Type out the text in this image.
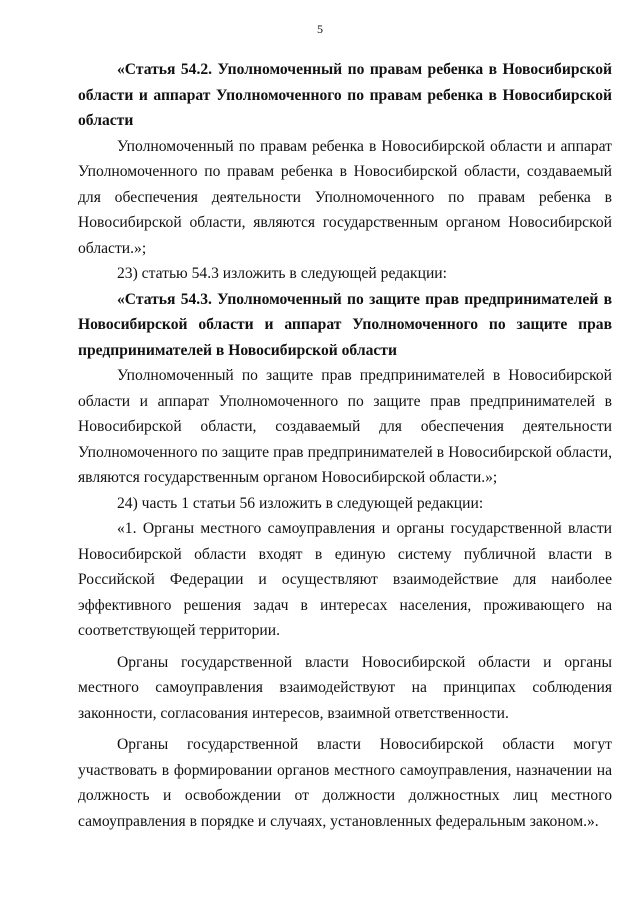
5

«Статья 54.2. Уполномоченный по правам ребенка в Новосибирской области и аппарат Уполномоченного по правам ребенка в Новосибирской области

Уполномоченный по правам ребенка в Новосибирской области и аппарат Уполномоченного по правам ребенка в Новосибирской области, создаваемый для обеспечения деятельности Уполномоченного по правам ребенка в Новосибирской области, являются государственным органом Новосибирской области.»;

23) статью 54.3 изложить в следующей редакции:

«Статья 54.3. Уполномоченный по защите прав предпринимателей в Новосибирской области и аппарат Уполномоченного по защите прав предпринимателей в Новосибирской области

Уполномоченный по защите прав предпринимателей в Новосибирской области и аппарат Уполномоченного по защите прав предпринимателей в Новосибирской области, создаваемый для обеспечения деятельности Уполномоченного по защите прав предпринимателей в Новосибирской области, являются государственным органом Новосибирской области.»;

24) часть 1 статьи 56 изложить в следующей редакции:

«1. Органы местного самоуправления и органы государственной власти Новосибирской области входят в единую систему публичной власти в Российской Федерации и осуществляют взаимодействие для наиболее эффективного решения задач в интересах населения, проживающего на соответствующей территории.

Органы государственной власти Новосибирской области и органы местного самоуправления взаимодействуют на принципах соблюдения законности, согласования интересов, взаимной ответственности.

Органы государственной власти Новосибирской области могут участвовать в формировании органов местного самоуправления, назначении на должность и освобождении от должности должностных лиц местного самоуправления в порядке и случаях, установленных федеральным законом.».
